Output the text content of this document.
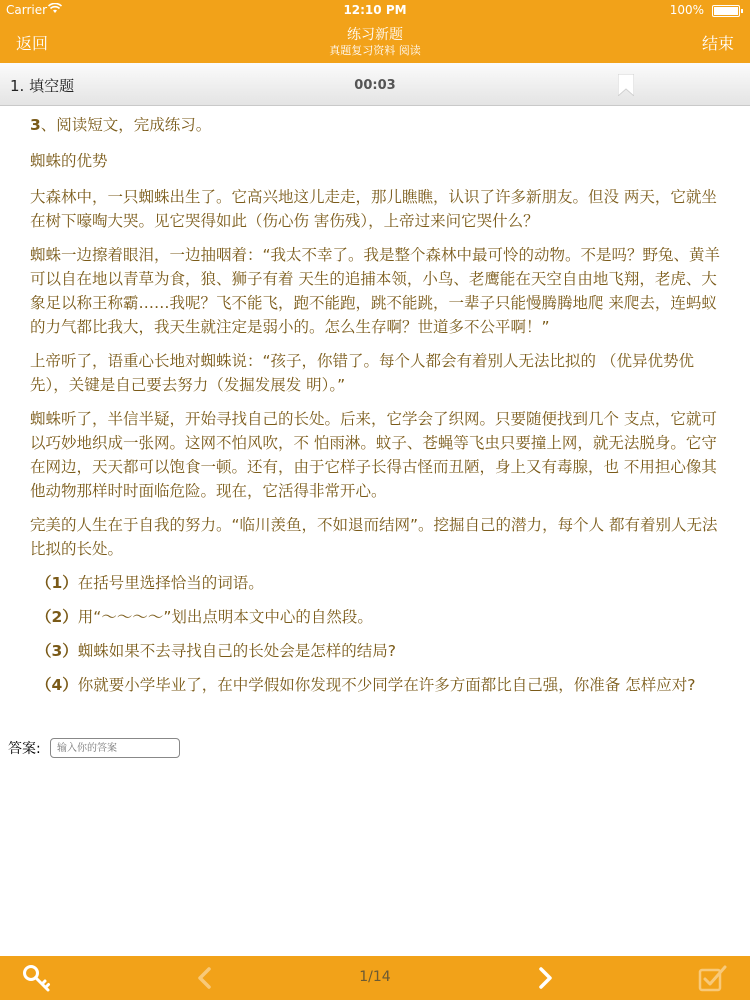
Carrier	12:10 PM	100%
返回	练习新题
真题复习资料 阅读	结束
1. 填空题	00:03

3、阅读短文，完成练习。

蜘蛛的优势

大森林中，一只蜘蛛出生了。它高兴地这儿走走，那儿瞧瞧，认识了许多新朋友。但没 两天，它就坐在树下嚎啕大哭。见它哭得如此（伤心伤 害伤残），上帝过来问它哭什么？

蜘蛛一边擦着眼泪，一边抽咽着：“我太不幸了。我是整个森林中最可怜的动物。不是吗？野兔、黄羊可以自在地以青草为食，狼、狮子有着 天生的追捕本领，小鸟、老鹰能在天空自由地飞翔，老虎、大象足以称王称霸……我呢？飞不能飞，跑不能跑，跳不能跳，一辈子只能慢腾腾地爬 来爬去，连蚂蚁的力气都比我大，我天生就注定是弱小的。怎么生存啊？世道多不公平啊！”

上帝听了，语重心长地对蜘蛛说：“孩子，你错了。每个人都会有着别人无法比拟的 （优异优势优先），关键是自己要去努力（发掘发展发 明）。”

蜘蛛听了，半信半疑，开始寻找自己的长处。后来，它学会了织网。只要随便找到几个 支点，它就可以巧妙地织成一张网。这网不怕风吹，不 怕雨淋。蚊子、苍蝇等飞虫只要撞上网，就无法脱身。它守在网边，天天都可以饱食一顿。还有，由于它样子长得古怪而丑陋，身上又有毒腺，也 不用担心像其他动物那样时时面临危险。现在，它活得非常开心。

完美的人生在于自我的努力。“临川羡鱼，不如退而结网”。挖掘自己的潜力，每个人 都有着别人无法比拟的长处。

（1）在括号里选择恰当的词语。

（2）用“～～～～”划出点明本文中心的自然段。

（3）蜘蛛如果不去寻找自己的长处会是怎样的结局?

（4）你就要小学毕业了，在中学假如你发现不少同学在许多方面都比自己强，你准备 怎样应对?

答案:
输入你的答案
1/14
